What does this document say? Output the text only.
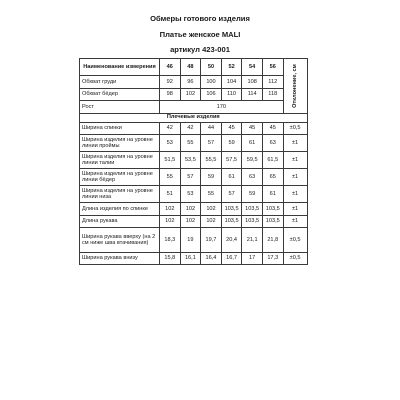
Обмеры готового изделия
Платье женское MALI
артикул 423-001
Наименование измерения	46	48	50	52	54	56	Отклонение, см

Обхват груди	92	96	100	104	108	112	
Обхват бёдер	98	102	106	110	114	118	
Рост	170						
Плечевые изделия							
Ширина спинки	42	42	44	45	45	45	±0,5
Ширина изделия на уровне линии проймы	53	55	57	59	61	63	±1
Ширина изделия на уровне линии талии	51,5	53,5	55,5	57,5	59,5	61,5	±1
Ширина изделия на уровне линии бёдер	55	57	59	61	63	65	±1
Ширина изделия на уровне линии низа	51	53	55	57	59	61	±1
Длина изделия по спинке	102	102	102	103,5	103,5	103,5	±1
Длина рукава	102	102	102	103,5	103,5	103,5	±1
Ширина рукава вверху (на 2 см ниже шва втачивания)	18,3	19	19,7	20,4	21,1	21,8	±0,5
Ширина рукава внизу	15,8	16,1	16,4	16,7	17	17,3	±0,5
